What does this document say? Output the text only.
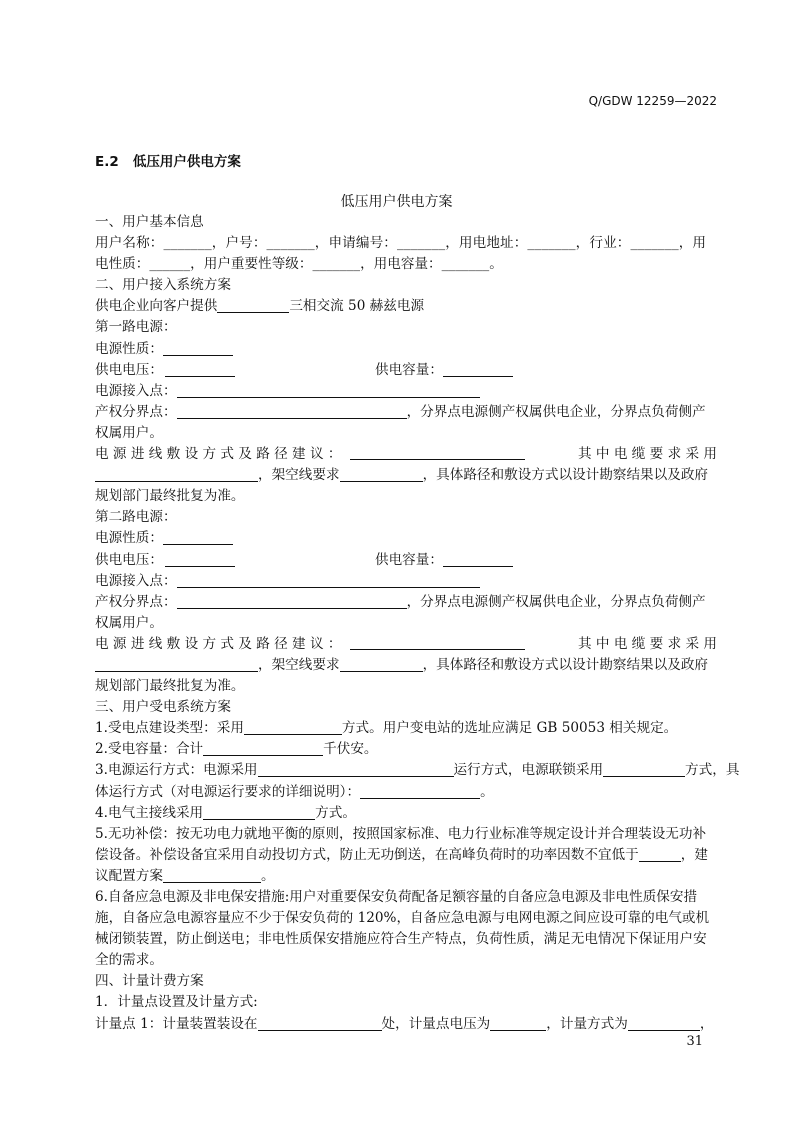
Q/GDW 12259—2022
E.2 低压用户供电方案
低压用户供电方案
一、用户基本信息
用户名称：_______，户号：_______，申请编号：_______，用电地址：_______，行业：_______，用
电性质：______，用户重要性等级：_______，用电容量：_______。
二、用户接入系统方案
供电企业向客户提供	三相交流 50 赫兹电源
第一路电源：
电源性质：
供电电压：	供电容量：
电源接入点：
产权分界点：	，分界点电源侧产权属供电企业，分界点负荷侧产
权属用户。
电 源 进 线 敷 设 方 式 及 路 径 建 议 ：	其 中 电 缆 要 求 采 用
，架空线要求	，具体路径和敷设方式以设计勘察结果以及政府
规划部门最终批复为准。
第二路电源：
电源性质：
供电电压：	供电容量：
电源接入点：
产权分界点：	，分界点电源侧产权属供电企业，分界点负荷侧产
权属用户。
电 源 进 线 敷 设 方 式 及 路 径 建 议 ：	其 中 电 缆 要 求 采 用
，架空线要求	，具体路径和敷设方式以设计勘察结果以及政府
规划部门最终批复为准。
三、用户受电系统方案
1.受电点建设类型：采用	方式。用户变电站的选址应满足 GB 50053 相关规定。
2.受电容量：合计	千伏安。
3.电源运行方式：电源采用	运行方式，电源联锁采用	方式，具
体运行方式（对电源运行要求的详细说明）：	。
4.电气主接线采用	方式。
5.无功补偿：按无功电力就地平衡的原则，按照国家标准、电力行业标准等规定设计并合理装设无功补
偿设备。补偿设备宜采用自动投切方式，防止无功倒送，在高峰负荷时的功率因数不宜低于	，建
议配置方案	。
6.自备应急电源及非电保安措施:用户对重要保安负荷配备足额容量的自备应急电源及非电性质保安措
施，自备应急电源容量应不少于保安负荷的 120%，自备应急电源与电网电源之间应设可靠的电气或机
械闭锁装置，防止倒送电；非电性质保安措施应符合生产特点，负荷性质，满足无电情况下保证用户安
全的需求。
四、计量计费方案
1．计量点设置及计量方式:
计量点 1：计量装置装设在	处，计量点电压为	，计量方式为	，
31
